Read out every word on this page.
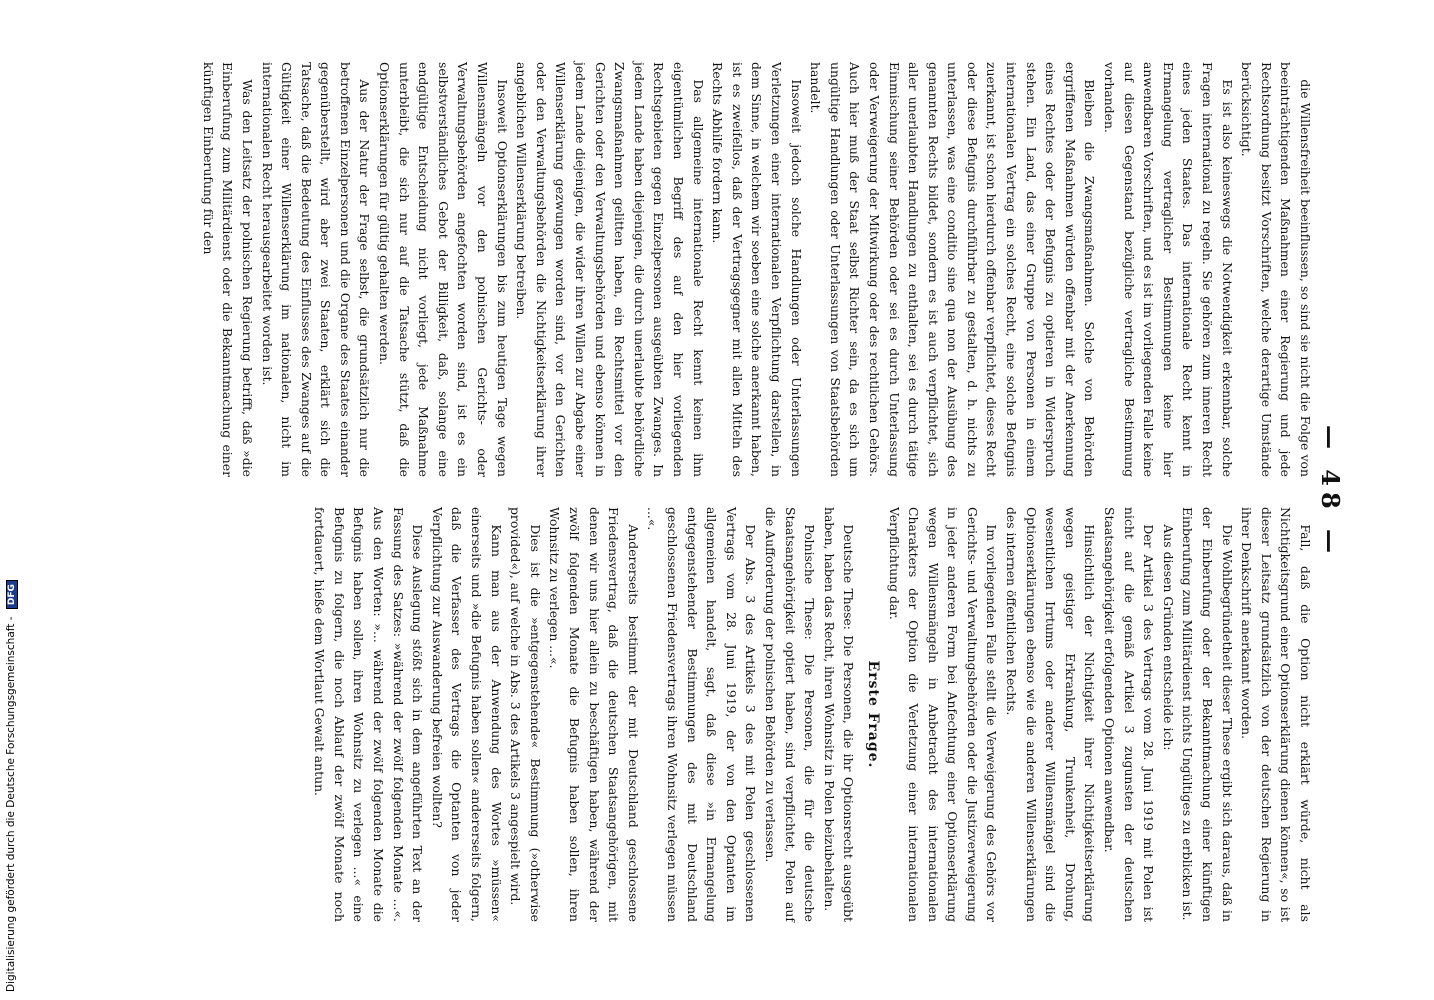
— 48 —

die Willensfreiheit beeinflussen, so sind sie nicht die Folge von beeinträchtigenden Maßnahmen einer Regierung und jede Rechtsordnung besitzt Vorschriften, welche derartige Umstände berücksichtigt.

Es ist also keineswegs die Notwendigkeit erkennbar, solche Fragen international zu regeln. Sie gehören zum inneren Recht eines jeden Staates. Das internationale Recht kennt in Ermangelung vertraglicher Bestimmungen keine hier anwendbaren Vorschriften, und es ist im vorliegenden Falle keine auf diesen Gegenstand bezügliche vertragliche Bestimmung vorhanden.

Bleiben die Zwangsmaßnahmen. Solche von Behörden ergriffenen Maßnahmen würden offenbar mit der Anerkennung eines Rechtes oder der Befugnis zu optieren in Widerspruch stehen. Ein Land, das einer Gruppe von Personen in einem internationalen Vertrag ein solches Recht, eine solche Befugnis zuerkannt, ist schon hierdurch offenbar verpflichtet, dieses Recht oder diese Befugnis durchführbar zu gestalten, d. h. nichts zu unterlassen, was eine conditio sine qua non der Ausübung des genannten Rechts bildet, sondern es ist auch verpflichtet, sich aller unerlaubten Handlungen zu enthalten, sei es durch tätige Einmischung seiner Behörden oder sei es durch Unterlassung oder Verweigerung der Mitwirkung oder des rechtlichen Gehörs. Auch hier muß der Staat selbst Richter sein, da es sich um ungültige Handlungen oder Unterlassungen von Staatsbehörden handelt.

Insoweit jedoch solche Handlungen oder Unterlassungen Verletzungen einer internationalen Verpflichtung darstellen, in dem Sinne, in welchem wir soeben eine solche anerkannt haben, ist es zweifellos, daß der Vertragsgegner mit allen Mitteln des Rechts Abhilfe fordern kann.

Das allgemeine internationale Recht kennt keinen ihm eigentümlichen Begriff des auf den hier vorliegenden Rechtsgebieten gegen Einzelpersonen ausgeübten Zwanges. In jedem Lande haben diejenigen, die durch unerlaubte behördliche Zwangsmaßnahmen gelitten haben, ein Rechtsmittel vor den Gerichten oder den Verwaltungsbehörden und ebenso können in jedem Lande diejenigen, die wider ihren Willen zur Abgabe einer Willenserklärung gezwungen worden sind, vor den Gerichten oder den Verwaltungsbehörden die Nichtigkeitserklärung ihrer angeblichen Willenserklärung betreiben.

Insoweit Optionserklärungen bis zum heutigen Tage wegen Willensmängeln vor den polnischen Gerichts- oder Verwaltungsbehörden angefochten worden sind, ist es ein selbstverständliches Gebot der Billigkeit, daß, solange eine endgültige Entscheidung nicht vorliegt, jede Maßnahme unterbleibt, die sich nur auf die Tatsache stützt, daß die Optionserklärungen für gültig gehalten werden.

Aus der Natur der Frage selbst, die grundsätzlich nur die betroffenen Einzelpersonen und die Organe des Staates einander gegenüberstellt, wird aber zwei Staaten, erklärt sich die Tatsache, daß die Bedeutung des Einflusses des Zwanges auf die Gültigkeit einer Willenserklärung im nationalen, nicht im internationalen Recht herausgearbeitet worden ist.

Was den Leitsatz der polnischen Regierung betrifft, daß »die Einberufung zum Militärdienst oder die Bekanntmachung einer künftigen Einberufung für den

Fall, daß die Option nicht erklärt würde, nicht als Nichtigkeitsgrund einer Optionserklärung dienen können«, so ist dieser Leitsatz grundsätzlich von der deutschen Regierung in ihrer Denkschrift anerkannt worden.

Die Wohlbegründetheit dieser These ergibt sich daraus, daß in der Einberufung oder der Bekanntmachung einer künftigen Einberufung zum Militärdienst nichts Ungültiges zu erblicken ist.

Aus diesen Gründen entscheide ich:

Der Artikel 3 des Vertrags vom 28. Juni 1919 mit Polen ist nicht auf die gemäß Artikel 3 zugunsten der deutschen Staatsangehörigkeit erfolgenden Optionen anwendbar.

Hinsichtlich der Nichtigkeit ihrer Nichtigkeitserklärung wegen geistiger Erkrankung, Trunkenheit, Drohung, wesentlichen Irrtums oder anderer Willensmängel sind die Optionserklärungen ebenso wie die anderen Willenserklärungen des internen öffentlichen Rechts.

Im vorliegenden Falle stellt die Verweigerung des Gehörs vor Gerichts- und Verwaltungsbehörden oder die Justizverweigerung in jeder anderen Form bei Anfechtung einer Optionserklärung wegen Willensmängeln in Anbetracht des internationalen Charakters der Option die Verletzung einer internationalen Verpflichtung dar.

Erste Frage.

Deutsche These: Die Personen, die ihr Optionsrecht ausgeübt haben, haben das Recht, ihren Wohnsitz in Polen beizubehalten.

Polnische These: Die Personen, die für die deutsche Staatsangehörigkeit optiert haben, sind verpflichtet, Polen auf die Aufforderung der polnischen Behörden zu verlassen.

Der Abs. 3 des Artikels 3 des mit Polen geschlossenen Vertrags vom 28. Juni 1919, der von den Optanten im allgemeinen handelt, sagt, daß diese »in Ermangelung entgegenstehender Bestimmungen des mit Deutschland geschlossenen Friedensvertrags ihren Wohnsitz verlegen müssen ...«.

Andererseits bestimmt der mit Deutschland geschlossene Friedensvertrag, daß die deutschen Staatsangehörigen, mit denen wir uns hier allein zu beschäftigen haben, während der zwölf folgenden Monate die Befugnis haben sollen, ihren Wohnsitz zu verlegen ...«.

Dies ist die »entgegenstehende« Bestimmung (»otherwise provided«), auf welche in Abs. 3 des Artikels 3 angespielt wird.

Kann man aus der Anwendung des Wortes »müssen« einerseits und »die Befugnis haben sollen« andererseits folgern, daß die Verfasser des Vertrags die Optanten von jeder Verpflichtung zur Auswanderung befreien wollten?

Diese Auslegung stößt sich in dem angeführten Text an der Fassung des Satzes: »während der zwölf folgenden Monate ...«. Aus den Worten: »... während der zwölf folgenden Monate die Befugnis haben sollen, ihren Wohnsitz zu verlegen ...« eine Befugnis zu folgern, die noch Ablauf der zwölf Monate noch fortdauert, hieße dem Wortlaut Gewalt antun.

Digitalisierung gefördert durch die Deutsche Forschungsgemeinschaft - DFG
